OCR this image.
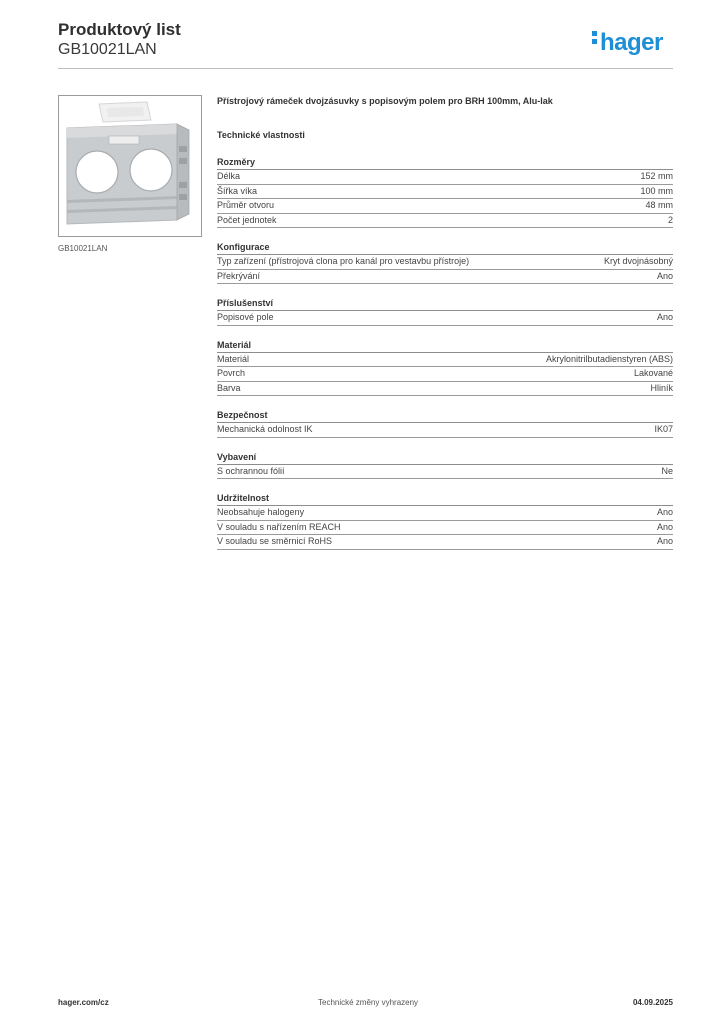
Produktový list
GB10021LAN	hager
GB10021LAN
Přístrojový rámeček dvojzásuvky s popisovým polem pro BRH 100mm, Alu-lak
Technické vlastnosti
Rozměry
Délka	152 mm
Šířka víka	100 mm
Průměr otvoru	48 mm
Počet jednotek	2
Konfigurace
Typ zařízení (přístrojová clona pro kanál pro vestavbu přístroje)	Kryt dvojnásobný
Překrývání	Ano
Příslušenství
Popisové pole	Ano
Materiál
Materiál	Akrylonitrilbutadienstyren (ABS)
Povrch	Lakované
Barva	Hliník
Bezpečnost
Mechanická odolnost IK	IK07
Vybavení
S ochrannou fólií	Ne
Udržitelnost
Neobsahuje halogeny	Ano
V souladu s nařízením REACH	Ano
V souladu se směrnicí RoHS	Ano
hager.com/cz	Technické změny vyhrazeny	04.09.2025
